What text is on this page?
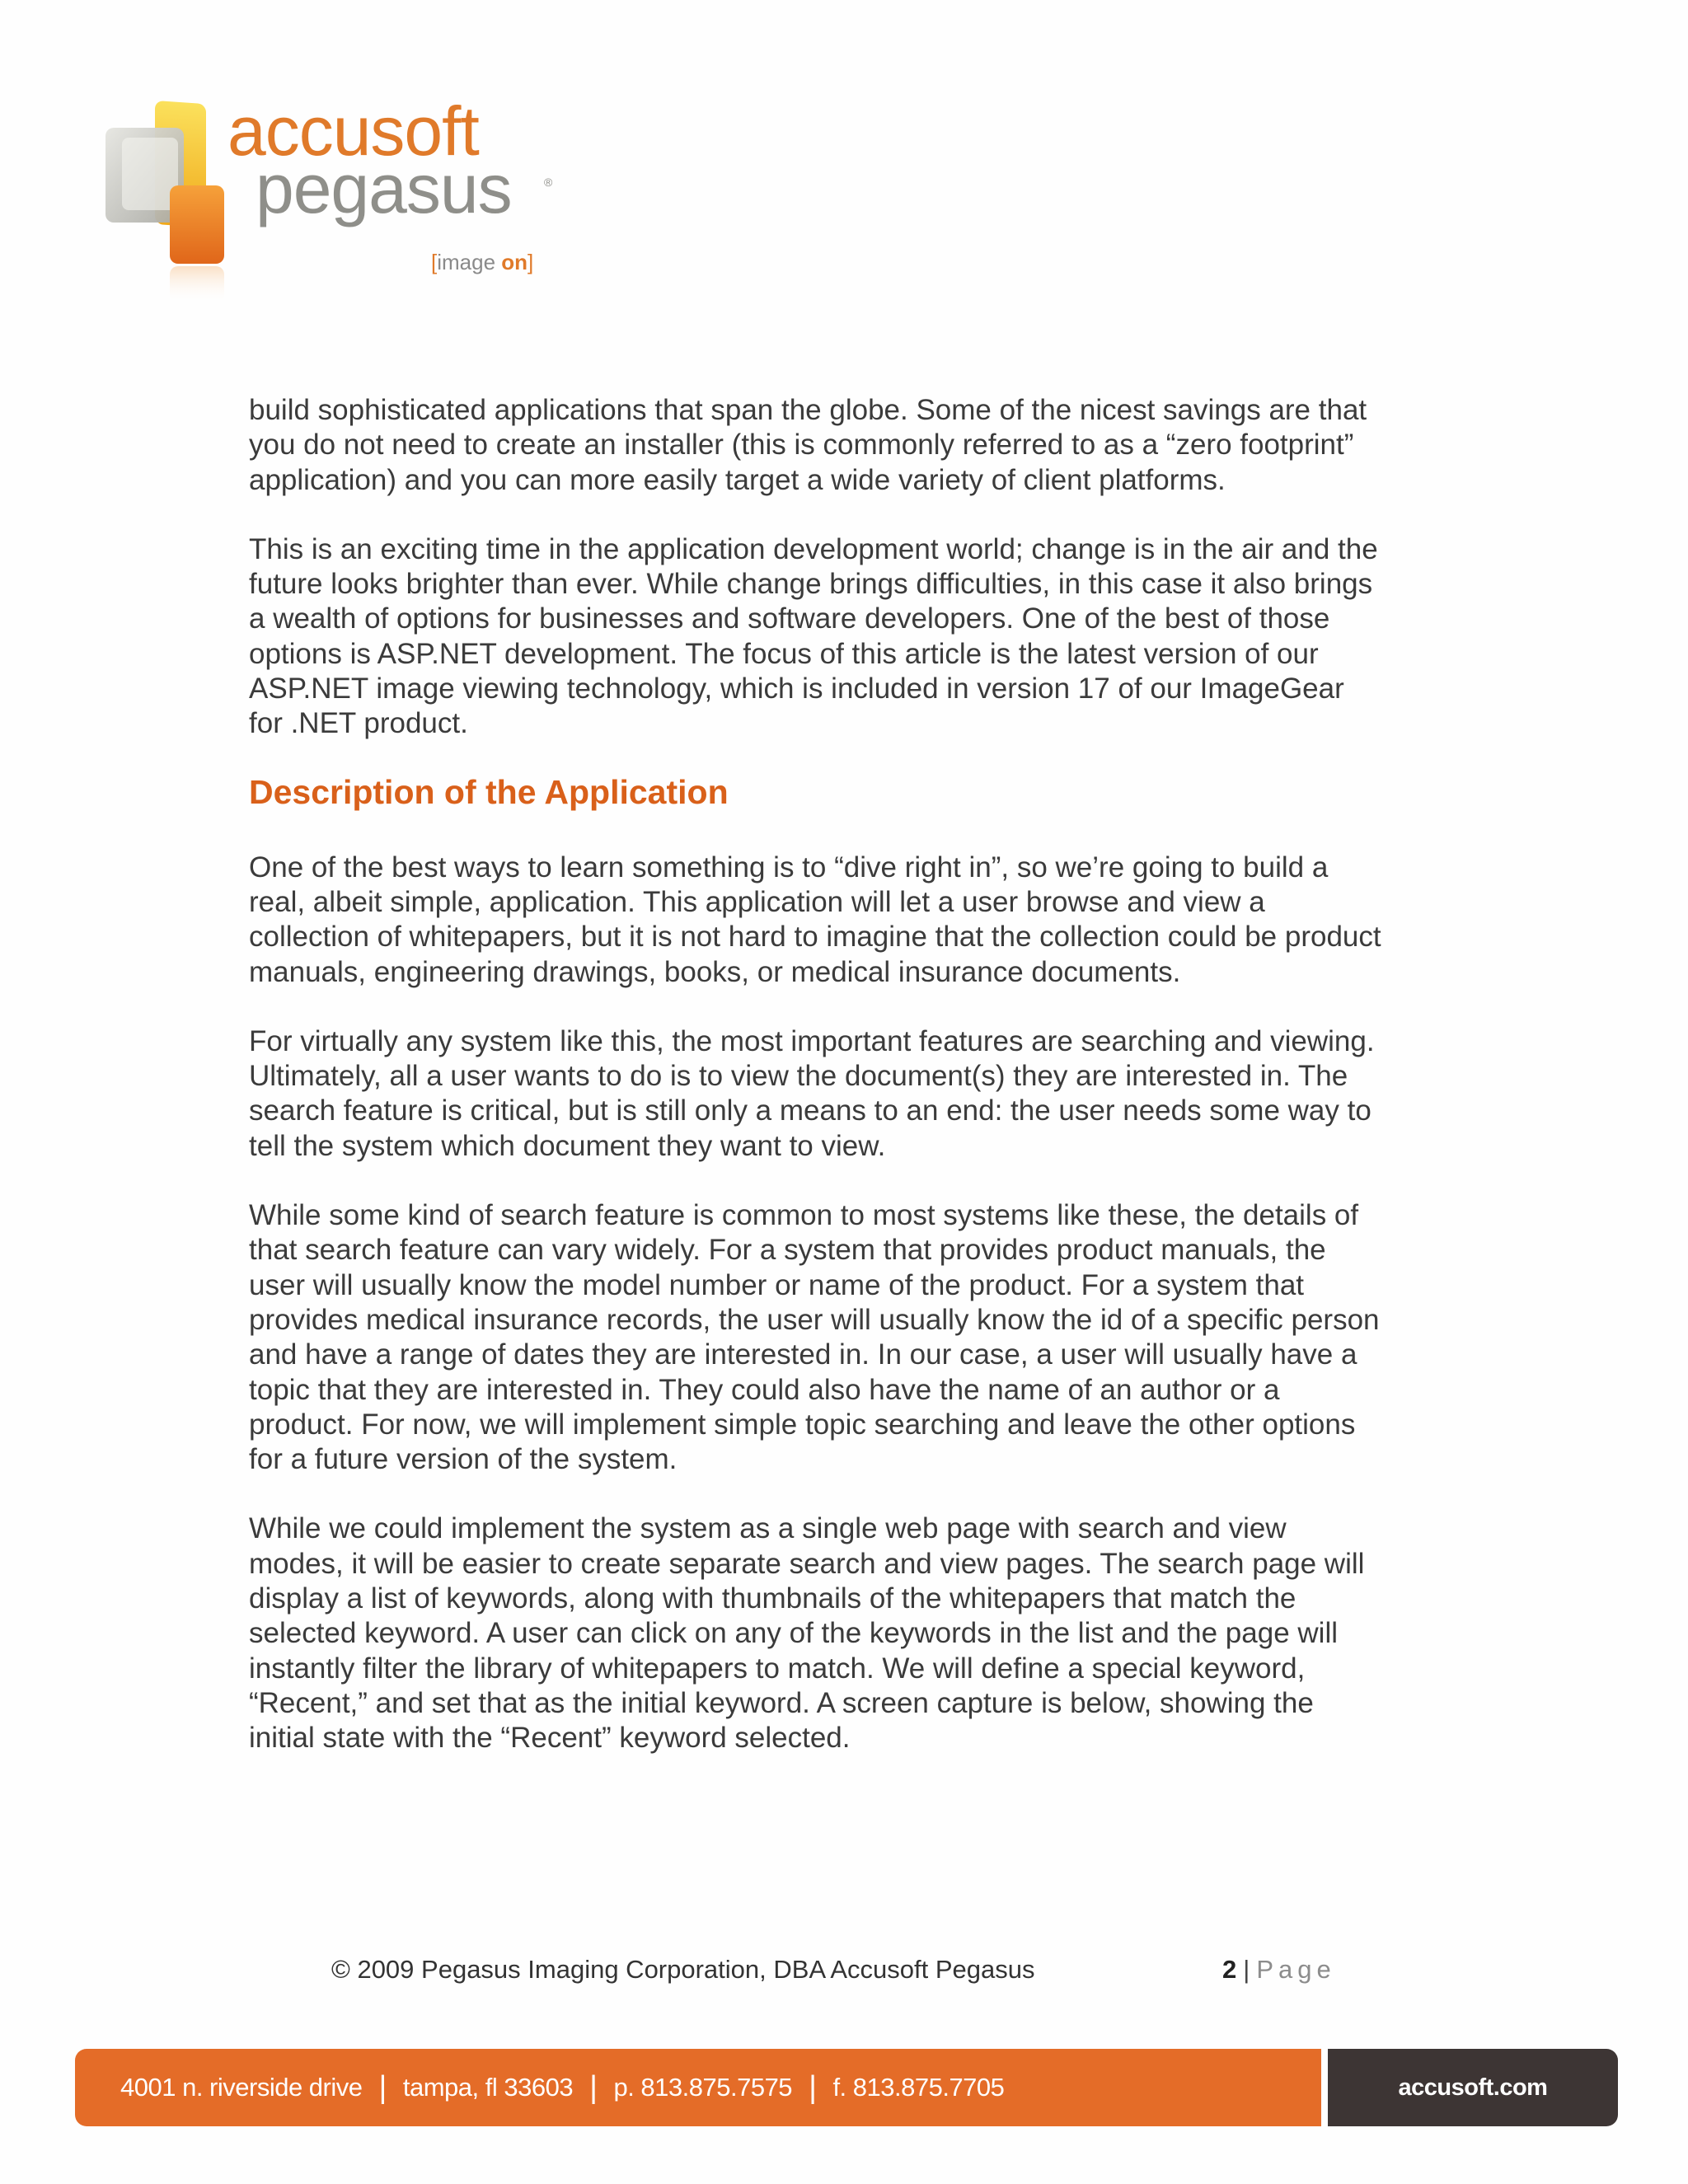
accusoft
pegasus	®
[image on]

build sophisticated applications that span the globe. Some of the nicest savings are that
you do not need to create an installer (this is commonly referred to as a “zero footprint”
application) and you can more easily target a wide variety of client platforms.

This is an exciting time in the application development world; change is in the air and the
future looks brighter than ever. While change brings difficulties, in this case it also brings
a wealth of options for businesses and software developers. One of the best of those
options is ASP.NET development. The focus of this article is the latest version of our
ASP.NET image viewing technology, which is included in version 17 of our ImageGear
for .NET product.

Description of the Application

One of the best ways to learn something is to “dive right in”, so we’re going to build a
real, albeit simple, application. This application will let a user browse and view a
collection of whitepapers, but it is not hard to imagine that the collection could be product
manuals, engineering drawings, books, or medical insurance documents.

For virtually any system like this, the most important features are searching and viewing.
Ultimately, all a user wants to do is to view the document(s) they are interested in. The
search feature is critical, but is still only a means to an end: the user needs some way to
tell the system which document they want to view.

While some kind of search feature is common to most systems like these, the details of
that search feature can vary widely. For a system that provides product manuals, the
user will usually know the model number or name of the product. For a system that
provides medical insurance records, the user will usually know the id of a specific person
and have a range of dates they are interested in. In our case, a user will usually have a
topic that they are interested in. They could also have the name of an author or a
product. For now, we will implement simple topic searching and leave the other options
for a future version of the system.

While we could implement the system as a single web page with search and view
modes, it will be easier to create separate search and view pages. The search page will
display a list of keywords, along with thumbnails of the whitepapers that match the
selected keyword. A user can click on any of the keywords in the list and the page will
instantly filter the library of whitepapers to match. We will define a special keyword,
“Recent,” and set that as the initial keyword. A screen capture is below, showing the
initial state with the “Recent” keyword selected.

© 2009 Pegasus Imaging Corporation, DBA Accusoft Pegasus	2 | Page
4001 n. riverside drive | tampa, fl 33603 | p. 813.875.7575 | f. 813.875.7705	accusoft.com
